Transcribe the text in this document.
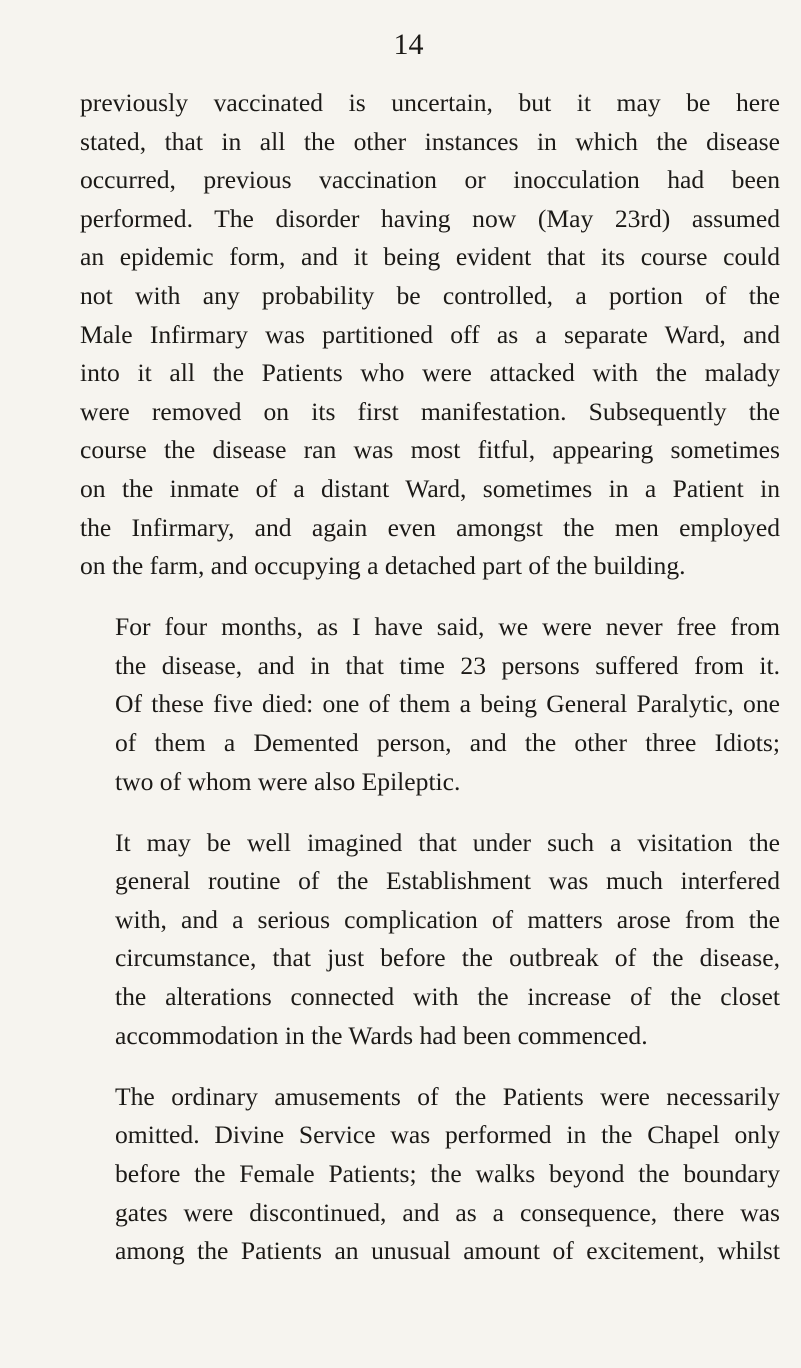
14

previously vaccinated is uncertain, but it may be here
stated, that in all the other instances in which the disease
occurred, previous vaccination or inocculation had been
performed. The disorder having now (May 23rd) assumed
an epidemic form, and it being evident that its course could
not with any probability be controlled, a portion of the
Male Infirmary was partitioned off as a separate Ward, and
into it all the Patients who were attacked with the malady
were removed on its first manifestation. Subsequently the
course the disease ran was most fitful, appearing sometimes
on the inmate of a distant Ward, sometimes in a Patient in
the Infirmary, and again even amongst the men employed
on the farm, and occupying a detached part of the building.

For four months, as I have said, we were never free from
the disease, and in that time 23 persons suffered from it.
Of these five died: one of them a being General Paralytic, one
of them a Demented person, and the other three Idiots;
two of whom were also Epileptic.

It may be well imagined that under such a visitation the
general routine of the Establishment was much interfered
with, and a serious complication of matters arose from the
circumstance, that just before the outbreak of the disease,
the alterations connected with the increase of the closet
accommodation in the Wards had been commenced.

The ordinary amusements of the Patients were necessarily
omitted. Divine Service was performed in the Chapel only
before the Female Patients; the walks beyond the boundary
gates were discontinued, and as a consequence, there was
among the Patients an unusual amount of excitement, whilst
